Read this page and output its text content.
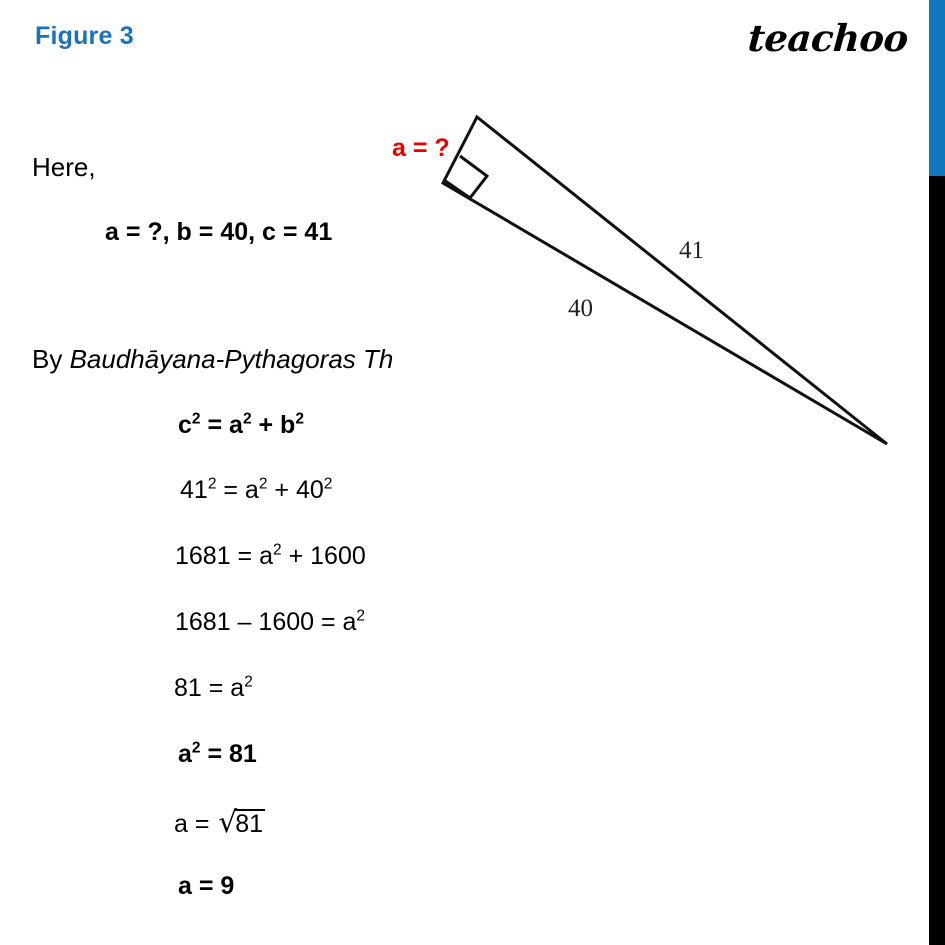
Figure 3	teachoo
Here,
a = ?, b = 40, c = 41
By Baudhāyana-Pythagoras Th
$c^2 = a^2 + b^2$
$41^2 = a^2 + 40^2$
$1681 = a^2 + 1600$
$1681 - 1600 = a^2$
$81 = a^2$
$a^2 = 81$
a = √81
a = 9
41
40
a = ?
